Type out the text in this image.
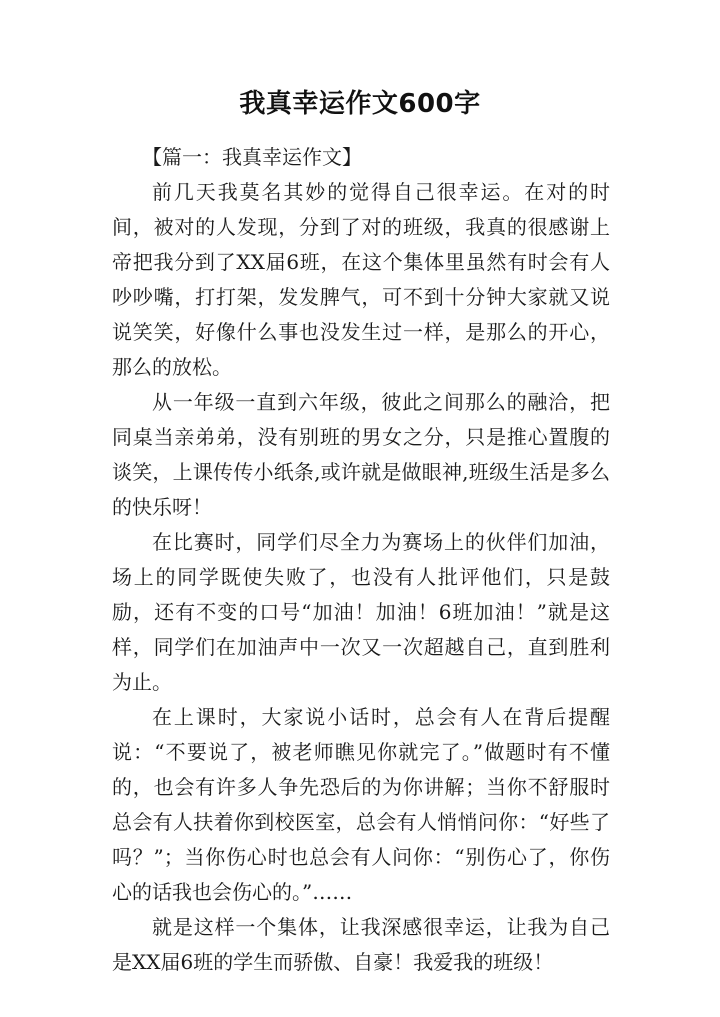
我真幸运作文600字

【篇一：我真幸运作文】

前几天我莫名其妙的觉得自己很幸运。在对的时间，被对的人发现，分到了对的班级，我真的很感谢上帝把我分到了XX届6班，在这个集体里虽然有时会有人吵吵嘴，打打架，发发脾气，可不到十分钟大家就又说说笑笑，好像什么事也没发生过一样，是那么的开心，那么的放松。

从一年级一直到六年级，彼此之间那么的融洽，把同桌当亲弟弟，没有别班的男女之分，只是推心置腹的谈笑，上课传传小纸条,或许就是做眼神,班级生活是多么的快乐呀！

在比赛时，同学们尽全力为赛场上的伙伴们加油，场上的同学既使失败了，也没有人批评他们，只是鼓励，还有不变的口号“加油！加油！6班加油！”就是这样，同学们在加油声中一次又一次超越自己，直到胜利为止。

在上课时，大家说小话时，总会有人在背后提醒说：“不要说了，被老师瞧见你就完了。”做题时有不懂的，也会有许多人争先恐后的为你讲解；当你不舒服时总会有人扶着你到校医室，总会有人悄悄问你：“好些了吗？”；当你伤心时也总会有人问你：“别伤心了，你伤心的话我也会伤心的。”……

就是这样一个集体，让我深感很幸运，让我为自己是XX届6班的学生而骄傲、自豪！我爱我的班级！
